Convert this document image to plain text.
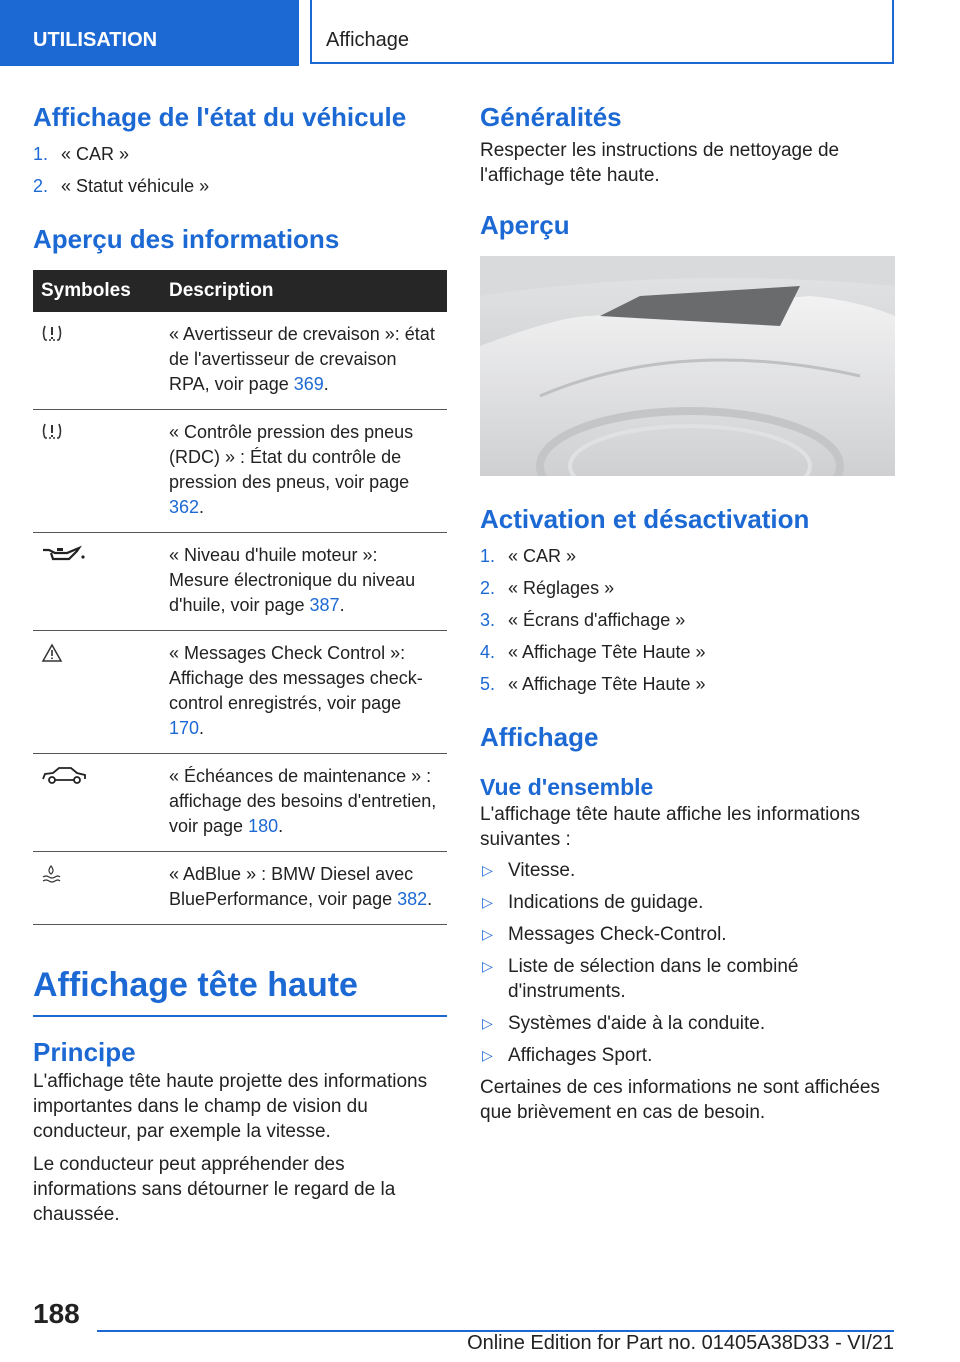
UTILISATION	Affichage
Affichage de l'état du véhicule
1. « CAR »
2. « Statut véhicule »
Aperçu des informations
Symboles	Description
	« Avertisseur de crevaison »: état de l'avertisseur de crevaison RPA, voir page 369.
	« Contrôle pression des pneus (RDC) » : État du contrôle de pression des pneus, voir page 362.
	« Niveau d'huile moteur »: Mesure électronique du niveau d'huile, voir page 387.
	« Messages Check Control »: Affichage des messages check-control enregistrés, voir page 170.
	« Échéances de maintenance » : affichage des besoins d'entretien, voir page 180.
	« AdBlue » : BMW Diesel avec BluePerformance, voir page 382.
Affichage tête haute
Principe

L'affichage tête haute projette des informations importantes dans le champ de vision du conducteur, par exemple la vitesse.

Le conducteur peut appréhender des informations sans détourner le regard de la chaussée.

Généralités

Respecter les instructions de nettoyage de l'affichage tête haute.

Aperçu
Activation et désactivation
1. « CAR »
2. « Réglages »
3. « Écrans d'affichage »
4. « Affichage Tête Haute »
5. « Affichage Tête Haute »
Affichage
Vue d'ensemble

L'affichage tête haute affiche les informations suivantes :

▷ Vitesse.
▷ Indications de guidage.
▷ Messages Check-Control.
▷ Liste de sélection dans le combiné d'instruments.
▷ Systèmes d'aide à la conduite.
▷ Affichages Sport.

Certaines de ces informations ne sont affichées que brièvement en cas de besoin.

188
Online Edition for Part no. 01405A38D33 - VI/21
